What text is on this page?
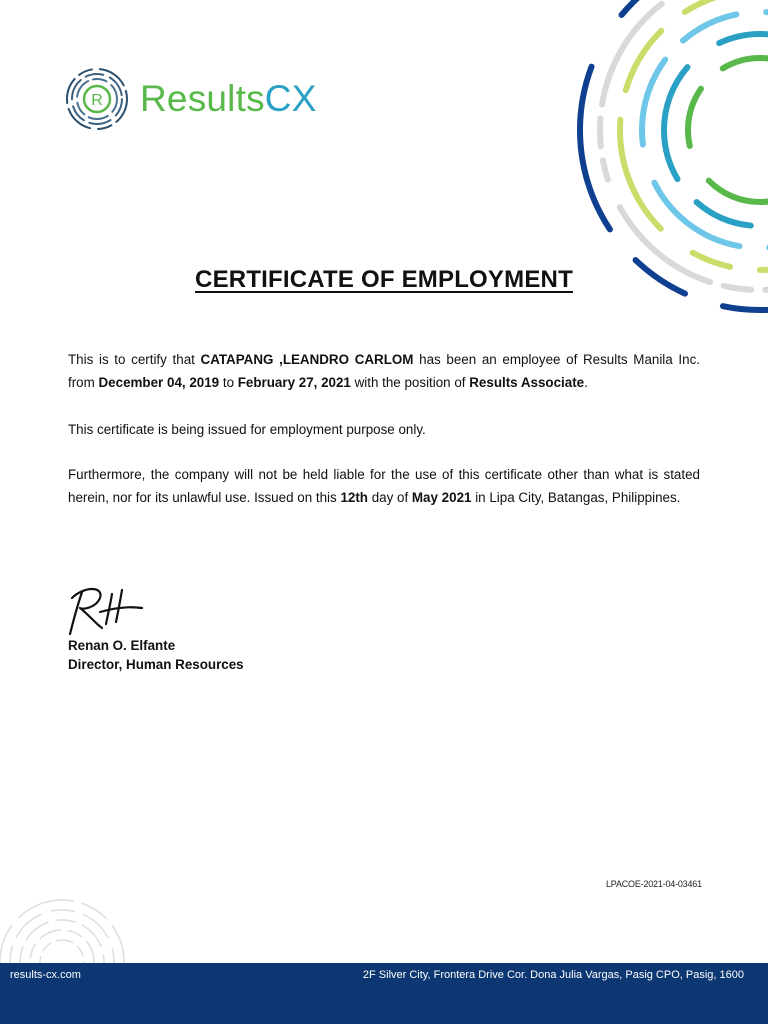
R ResultsCX
CERTIFICATE OF EMPLOYMENT
This is to certify that CATAPANG ,LEANDRO CARLOM has been an employee of Results Manila Inc. from December 04, 2019 to February 27, 2021 with the position of Results Associate.
This certificate is being issued for employment purpose only.
Furthermore, the company will not be held liable for the use of this certificate other than what is stated herein, nor for its unlawful use. Issued on this 12th day of May 2021 in Lipa City, Batangas, Philippines.
Renan O. Elfante
Director, Human Resources
LPACOE-2021-04-03461
results-cx.com	2F Silver City, Frontera Drive Cor. Dona Julia Vargas, Pasig CPO, Pasig, 1600
